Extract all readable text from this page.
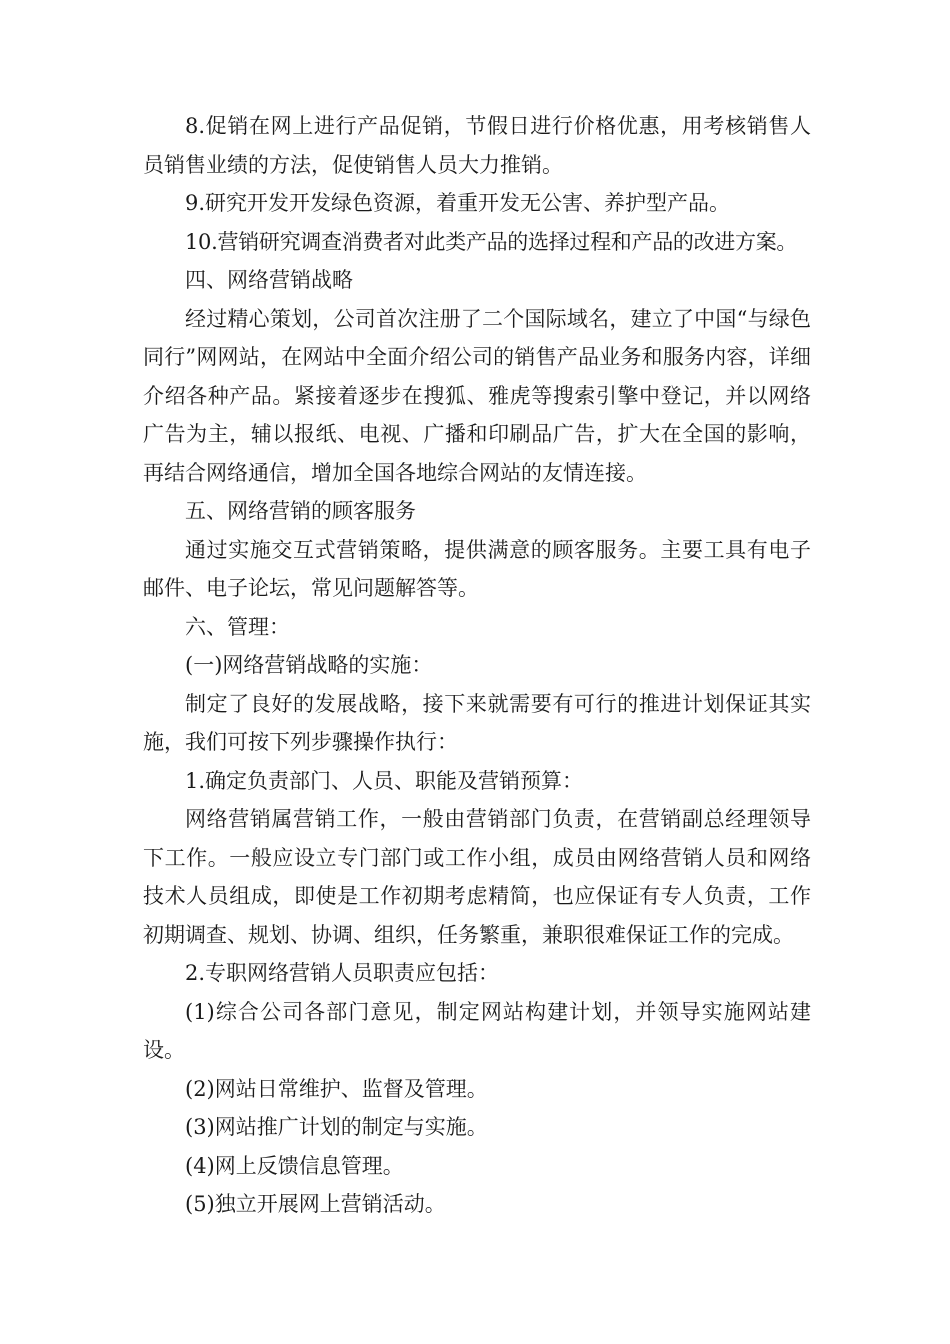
8.促销在网上进行产品促销，节假日进行价格优惠，用考核销售人员销售业绩的方法，促使销售人员大力推销。

9.研究开发开发绿色资源，着重开发无公害、养护型产品。

10.营销研究调查消费者对此类产品的选择过程和产品的改进方案。

四、网络营销战略

经过精心策划，公司首次注册了二个国际域名，建立了中国“与绿色同行”网网站，在网站中全面介绍公司的销售产品业务和服务内容，详细介绍各种产品。紧接着逐步在搜狐、雅虎等搜索引擎中登记，并以网络广告为主，辅以报纸、电视、广播和印刷品广告，扩大在全国的影响，再结合网络通信，增加全国各地综合网站的友情连接。

五、网络营销的顾客服务

通过实施交互式营销策略，提供满意的顾客服务。主要工具有电子邮件、电子论坛，常见问题解答等。

六、管理：

(一)网络营销战略的实施：

制定了良好的发展战略，接下来就需要有可行的推进计划保证其实施，我们可按下列步骤操作执行：

1.确定负责部门、人员、职能及营销预算：

网络营销属营销工作，一般由营销部门负责，在营销副总经理领导下工作。一般应设立专门部门或工作小组，成员由网络营销人员和网络技术人员组成，即使是工作初期考虑精简，也应保证有专人负责，工作初期调查、规划、协调、组织，任务繁重，兼职很难保证工作的完成。

2.专职网络营销人员职责应包括：

(1)综合公司各部门意见，制定网站构建计划，并领导实施网站建设。

(2)网站日常维护、监督及管理。

(3)网站推广计划的制定与实施。

(4)网上反馈信息管理。

(5)独立开展网上营销活动。
